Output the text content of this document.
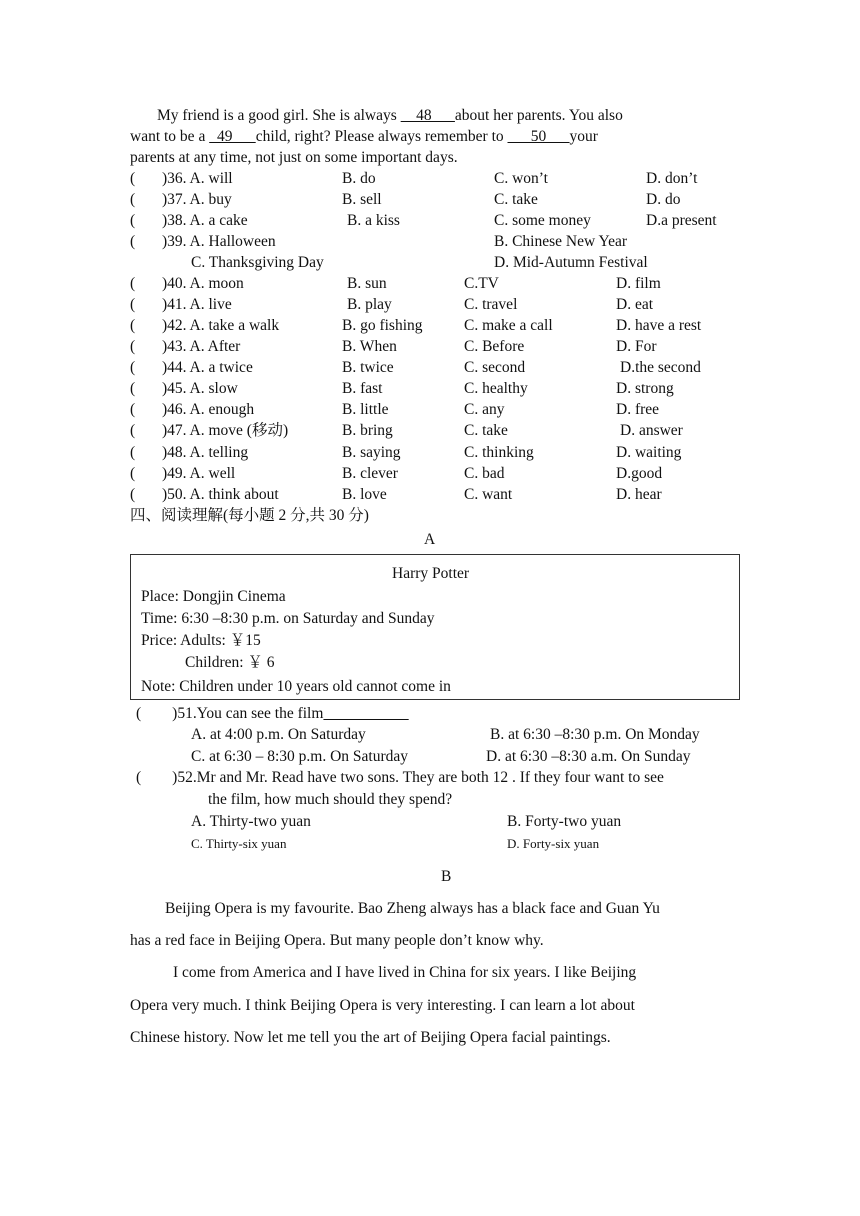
My friend is a good girl. She is always     48      about her parents. You also
want to be a   49      child, right? Please always remember to       50      your
parents at any time, not just on some important days.
( )36. A. will	B. do	C. won’t	D. don’t
( )37. A. buy	B. sell	C. take	D. do
( )38. A. a cake	B. a kiss	C. some money	D.a present
( )39. A. Halloween	B. Chinese New Year
C. Thanksgiving Day	D. Mid-Autumn Festival
( )40. A. moon	B. sun	C.TV	D. film
( )41. A. live	B. play	C. travel	D. eat
( )42. A. take a walk	B. go fishing	C. make a call	D. have a rest
( )43. A. After	B. When	C. Before	D. For
( )44. A. a twice	B. twice	C. second	D.the second
( )45. A. slow	B. fast	C. healthy	D. strong
( )46. A. enough	B. little	C. any	D. free
( )47. A. move (移动)	B. bring	C. take	D. answer
( )48. A. telling	B. saying	C. thinking	D. waiting
( )49. A. well	B. clever	C. bad	D.good
( )50. A. think about	B. love	C. want	D. hear
四、阅读理解(每小题 2 分,共 30 分)
A
Harry Potter
Place: Dongjin Cinema
Time: 6:30 –8:30 p.m. on Saturday and Sunday
Price: Adults: ￥15
Children: ￥ 6
Note: Children under 10 years old cannot come in
(　　)51.You can see the film
A. at 4:00 p.m. On Saturday	B. at 6:30 –8:30 p.m. On Monday
C. at 6:30 – 8:30 p.m. On Saturday	D. at 6:30 –8:30 a.m. On Sunday
(　　)52.Mr and Mr. Read have two sons. They are both 12 . If they four want to see
the film, how much should they spend?
A. Thirty-two yuan	B. Forty-two yuan
C. Thirty-six yuan	D. Forty-six yuan
B
Beijing Opera is my favourite. Bao Zheng always has a black face and Guan Yu
has a red face in Beijing Opera. But many people don’t know why.
I come from America and I have lived in China for six years. I like Beijing
Opera very much. I think Beijing Opera is very interesting. I can learn a lot about
Chinese history. Now let me tell you the art of Beijing Opera facial paintings.
